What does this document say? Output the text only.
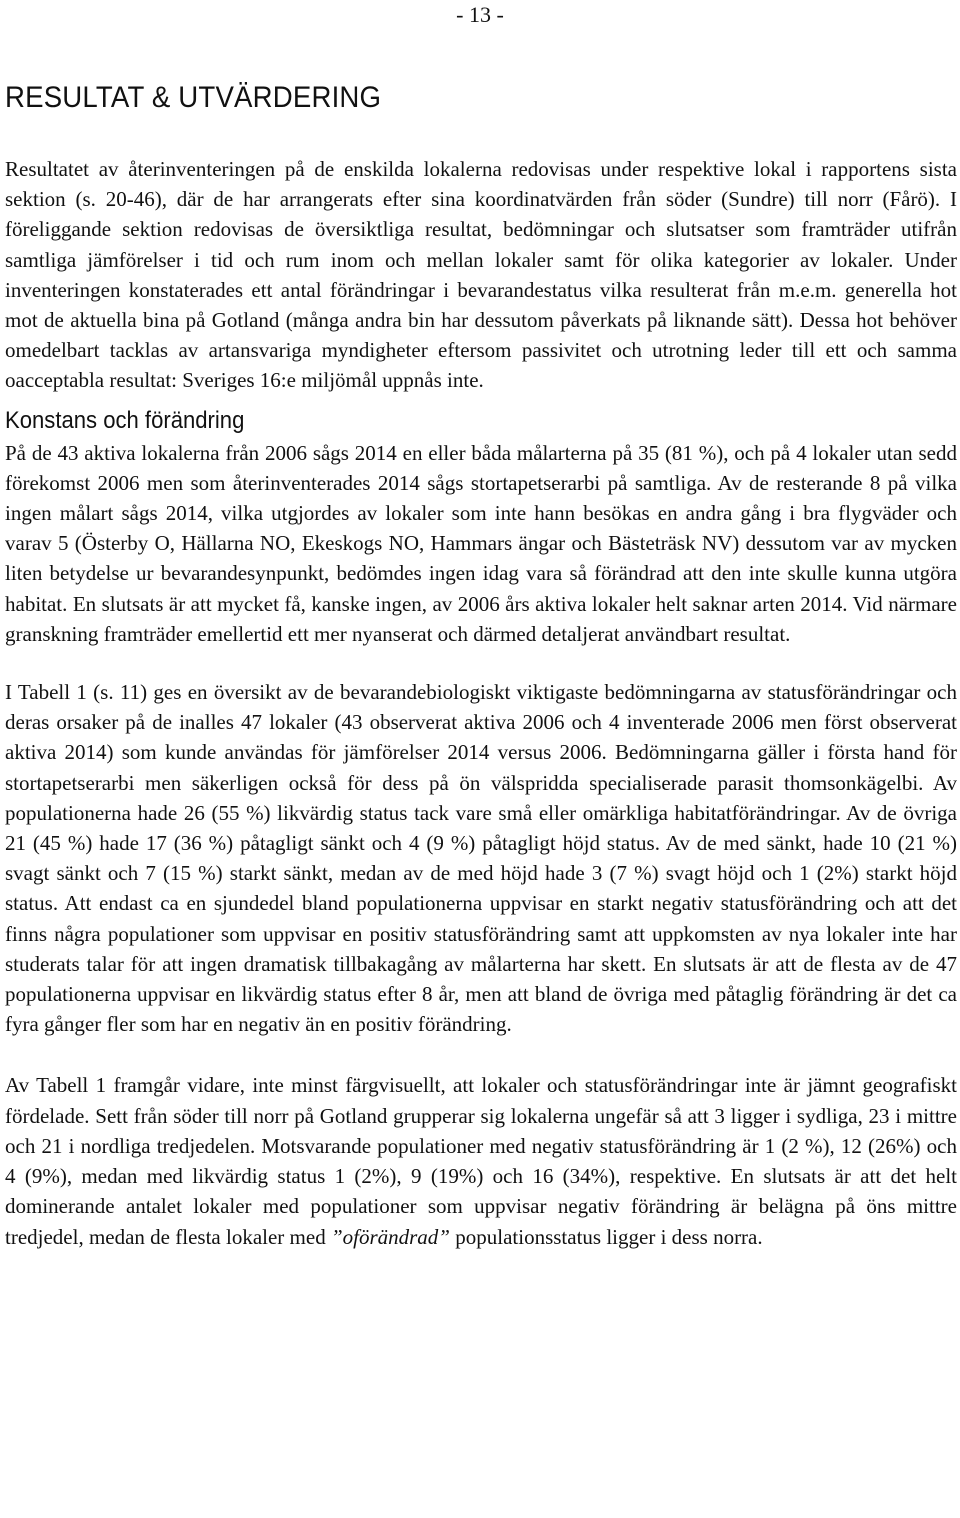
- 13 -
RESULTAT & UTVÄRDERING

Resultatet av återinventeringen på de enskilda lokalerna redovisas under respektive lokal i rapportens sista sektion (s. 20-46), där de har arrangerats efter sina koordinatvärden från söder (Sundre) till norr (Fårö). I föreliggande sektion redovisas de översiktliga resultat, bedömningar och slutsatser som framträder utifrån samtliga jämförelser i tid och rum inom och mellan lokaler samt för olika kategorier av lokaler. Under inventeringen konstaterades ett antal förändringar i bevarandestatus vilka resulterat från m.e.m. generella hot mot de aktuella bina på Gotland (många andra bin har dessutom påverkats på liknande sätt). Dessa hot behöver omedelbart tacklas av artansvariga myndigheter eftersom passivitet och utrotning leder till ett och samma oacceptabla resultat: Sveriges 16:e miljömål uppnås inte.

Konstans och förändring

På de 43 aktiva lokalerna från 2006 sågs 2014 en eller båda målarterna på 35 (81 %), och på 4 lokaler utan sedd förekomst 2006 men som återinventerades 2014 sågs stortapetserarbi på samtliga. Av de resterande 8 på vilka ingen målart sågs 2014, vilka utgjordes av lokaler som inte hann besökas en andra gång i bra flygväder och varav 5 (Österby O, Hällarna NO, Ekeskogs NO, Hammars ängar och Bästeträsk NV) dessutom var av mycken liten betydelse ur bevarandesynpunkt, bedömdes ingen idag vara så förändrad att den inte skulle kunna utgöra habitat. En slutsats är att mycket få, kanske ingen, av 2006 års aktiva lokaler helt saknar arten 2014. Vid närmare granskning framträder emellertid ett mer nyanserat och därmed detaljerat användbart resultat.

I Tabell 1 (s. 11) ges en översikt av de bevarandebiologiskt viktigaste bedömningarna av statusförändringar och deras orsaker på de inalles 47 lokaler (43 observerat aktiva 2006 och 4 inventerade 2006 men först observerat aktiva 2014) som kunde användas för jämförelser 2014 versus 2006. Bedömningarna gäller i första hand för stortapetserarbi men säkerligen också för dess på ön välspridda specialiserade parasit thomsonkägelbi. Av populationerna hade 26 (55 %) likvärdig status tack vare små eller omärkliga habitatförändringar. Av de övriga 21 (45 %) hade 17 (36 %) påtagligt sänkt och 4 (9 %) påtagligt höjd status. Av de med sänkt, hade 10 (21 %) svagt sänkt och 7 (15 %) starkt sänkt, medan av de med höjd hade 3 (7 %) svagt höjd och 1 (2%) starkt höjd status. Att endast ca en sjundedel bland populationerna uppvisar en starkt negativ statusförändring och att det finns några populationer som uppvisar en positiv statusförändring samt att uppkomsten av nya lokaler inte har studerats talar för att ingen dramatisk tillbakagång av målarterna har skett. En slutsats är att de flesta av de 47 populationerna uppvisar en likvärdig status efter 8 år, men att bland de övriga med påtaglig förändring är det ca fyra gånger fler som har en negativ än en positiv förändring.

Av Tabell 1 framgår vidare, inte minst färgvisuellt, att lokaler och statusförändringar inte är jämnt geografiskt fördelade. Sett från söder till norr på Gotland grupperar sig lokalerna ungefär så att 3 ligger i sydliga, 23 i mittre och 21 i nordliga tredjedelen. Motsvarande populationer med negativ statusförändring är 1 (2 %), 12 (26%) och 4 (9%), medan med likvärdig status 1 (2%), 9 (19%) och 16 (34%), respektive. En slutsats är att det helt dominerande antalet lokaler med populationer som uppvisar negativ förändring är belägna på öns mittre tredjedel, medan de flesta lokaler med ”oförändrad” populationsstatus ligger i dess norra.
